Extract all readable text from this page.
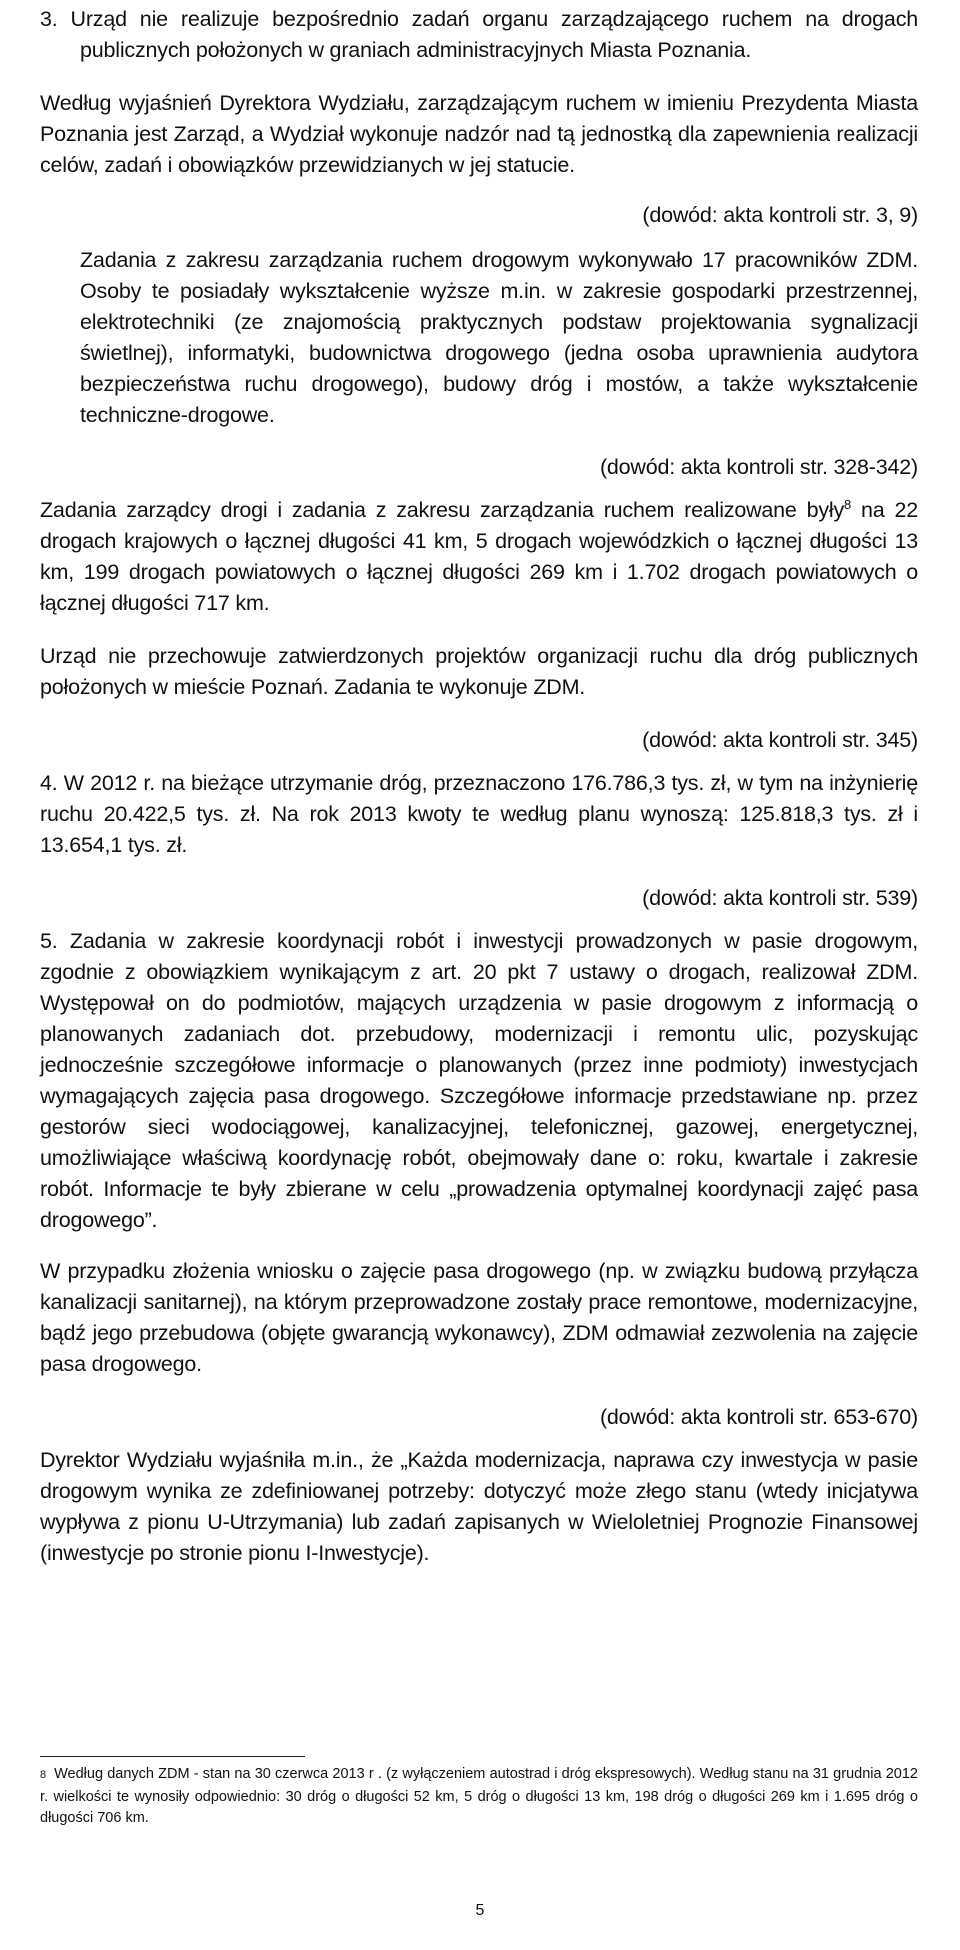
3. Urząd nie realizuje bezpośrednio zadań organu zarządzającego ruchem na drogach publicznych położonych w graniach administracyjnych Miasta Poznania.

Według wyjaśnień Dyrektora Wydziału, zarządzającym ruchem w imieniu Prezydenta Miasta Poznania jest Zarząd, a Wydział wykonuje nadzór nad tą jednostką dla zapewnienia realizacji celów, zadań i obowiązków przewidzianych w jej statucie.

(dowód: akta kontroli str. 3, 9)

Zadania z zakresu zarządzania ruchem drogowym wykonywało 17 pracowników ZDM. Osoby te posiadały wykształcenie wyższe m.in. w zakresie gospodarki przestrzennej, elektrotechniki (ze znajomością praktycznych podstaw projektowania sygnalizacji świetlnej), informatyki, budownictwa drogowego (jedna osoba uprawnienia audytora bezpieczeństwa ruchu drogowego), budowy dróg i mostów, a także wykształcenie techniczne-drogowe.

(dowód: akta kontroli str. 328-342)

Zadania zarządcy drogi i zadania z zakresu zarządzania ruchem realizowane były$^8$ na 22 drogach krajowych o łącznej długości 41 km, 5 drogach wojewódzkich o łącznej długości 13 km, 199 drogach powiatowych o łącznej długości 269 km i 1.702 drogach powiatowych o łącznej długości 717 km.

Urząd nie przechowuje zatwierdzonych projektów organizacji ruchu dla dróg publicznych położonych w mieście Poznań. Zadania te wykonuje ZDM.

(dowód: akta kontroli str. 345)

4. W 2012 r. na bieżące utrzymanie dróg, przeznaczono 176.786,3 tys. zł, w tym na inżynierię ruchu 20.422,5 tys. zł. Na rok 2013 kwoty te według planu wynoszą: 125.818,3 tys. zł i 13.654,1 tys. zł.

(dowód: akta kontroli str. 539)

5. Zadania w zakresie koordynacji robót i inwestycji prowadzonych w pasie drogowym, zgodnie z obowiązkiem wynikającym z art. 20 pkt 7 ustawy o drogach, realizował ZDM. Występował on do podmiotów, mających urządzenia w pasie drogowym z informacją o planowanych zadaniach dot. przebudowy, modernizacji i remontu ulic, pozyskując jednocześnie szczegółowe informacje o planowanych (przez inne podmioty) inwestycjach wymagających zajęcia pasa drogowego. Szczegółowe informacje przedstawiane np. przez gestorów sieci wodociągowej, kanalizacyjnej, telefonicznej, gazowej, energetycznej, umożliwiające właściwą koordynację robót, obejmowały dane o: roku, kwartale i zakresie robót. Informacje te były zbierane w celu „prowadzenia optymalnej koordynacji zajęć pasa drogowego”.

W przypadku złożenia wniosku o zajęcie pasa drogowego (np. w związku budową przyłącza kanalizacji sanitarnej), na którym przeprowadzone zostały prace remontowe, modernizacyjne, bądź jego przebudowa (objęte gwarancją wykonawcy), ZDM odmawiał zezwolenia na zajęcie pasa drogowego.

(dowód: akta kontroli str. 653-670)

Dyrektor Wydziału wyjaśniła m.in., że „Każda modernizacja, naprawa czy inwestycja w pasie drogowym wynika ze zdefiniowanej potrzeby: dotyczyć może złego stanu (wtedy inicjatywa wypływa z pionu U-Utrzymania) lub zadań zapisanych w Wieloletniej Prognozie Finansowej (inwestycje po stronie pionu I-Inwestycje).

8 Według danych ZDM - stan na 30 czerwca 2013 r . (z wyłączeniem autostrad i dróg ekspresowych). Według stanu na 31 grudnia 2012 r. wielkości te wynosiły odpowiednio: 30 dróg o długości 52 km, 5 dróg o długości 13 km, 198 dróg o długości 269 km i 1.695 dróg o długości 706 km.

5
